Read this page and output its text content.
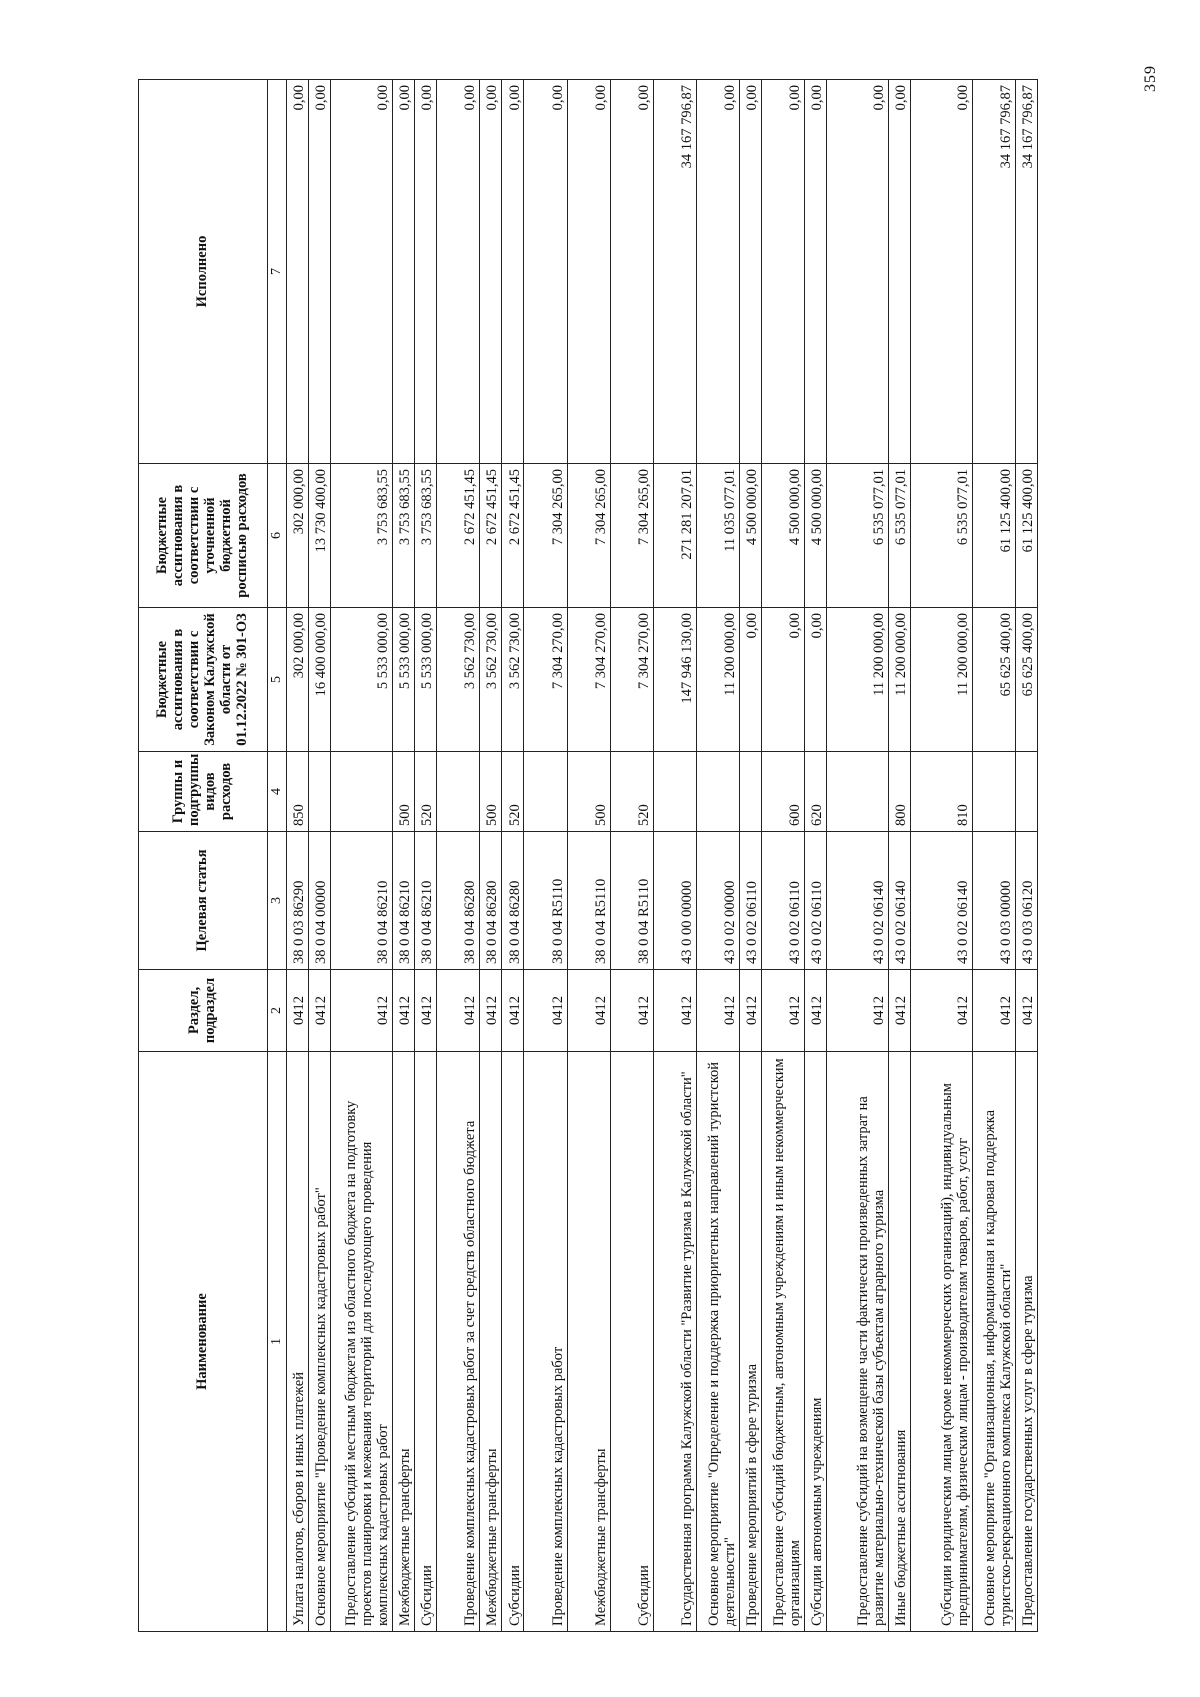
359
Наименование	Раздел, подраздел	Целевая статья	Группы и подгруппы видов расходов	Бюджетные ассигнования в соответствии с Законом Калужской области от 01.12.2022 № 301-ОЗ	Бюджетные ассигнования в соответствии с уточненной бюджетной росписью расходов	Исполнено
1	2	3	4	5	6	7
Уплата налогов, сборов и иных платежей	0412	38 0 03 86290	850	302 000,00	302 000,00	0,00
Основное мероприятие "Проведение комплексных кадастровых работ"	0412	38 0 04 00000		16 400 000,00	13 730 400,00	0,00
Предоставление субсидий местным бюджетам из областного бюджета на подготовку проектов планировки и межевания территорий для последующего проведения комплексных кадастровых работ	0412	38 0 04 86210		5 533 000,00	3 753 683,55	0,00
Межбюджетные трансферты	0412	38 0 04 86210	500	5 533 000,00	3 753 683,55	0,00
Субсидии	0412	38 0 04 86210	520	5 533 000,00	3 753 683,55	0,00
Проведение комплексных кадастровых работ за счет средств областного бюджета	0412	38 0 04 86280		3 562 730,00	2 672 451,45	0,00
Межбюджетные трансферты	0412	38 0 04 86280	500	3 562 730,00	2 672 451,45	0,00
Субсидии	0412	38 0 04 86280	520	3 562 730,00	2 672 451,45	0,00
Проведение комплексных кадастровых работ	0412	38 0 04 R5110		7 304 270,00	7 304 265,00	0,00
Межбюджетные трансферты	0412	38 0 04 R5110	500	7 304 270,00	7 304 265,00	0,00
Субсидии	0412	38 0 04 R5110	520	7 304 270,00	7 304 265,00	0,00
Государственная программа Калужской области "Развитие туризма в Калужской области"	0412	43 0 00 00000		147 946 130,00	271 281 207,01	34 167 796,87
Основное мероприятие "Определение и поддержка приоритетных направлений туристской деятельности"	0412	43 0 02 00000		11 200 000,00	11 035 077,01	0,00
Проведение мероприятий в сфере туризма	0412	43 0 02 06110		0,00	4 500 000,00	0,00
Предоставление субсидий бюджетным, автономным учреждениям и иным некоммерческим организациям	0412	43 0 02 06110	600	0,00	4 500 000,00	0,00
Субсидии автономным учреждениям	0412	43 0 02 06110	620	0,00	4 500 000,00	0,00
Предоставление субсидий на возмещение части фактически произведенных затрат на развитие материально-технической базы субъектам аграрного туризма	0412	43 0 02 06140		11 200 000,00	6 535 077,01	0,00
Иные бюджетные ассигнования	0412	43 0 02 06140	800	11 200 000,00	6 535 077,01	0,00
Субсидии юридическим лицам (кроме некоммерческих организаций), индивидуальным предпринимателям, физическим лицам - производителям товаров, работ, услуг	0412	43 0 02 06140	810	11 200 000,00	6 535 077,01	0,00
Основное мероприятие "Организационная, информационная и кадровая поддержка туристско-рекреационного комплекса Калужской области"	0412	43 0 03 00000		65 625 400,00	61 125 400,00	34 167 796,87
Предоставление государственных услуг в сфере туризма	0412	43 0 03 06120		65 625 400,00	61 125 400,00	34 167 796,87
